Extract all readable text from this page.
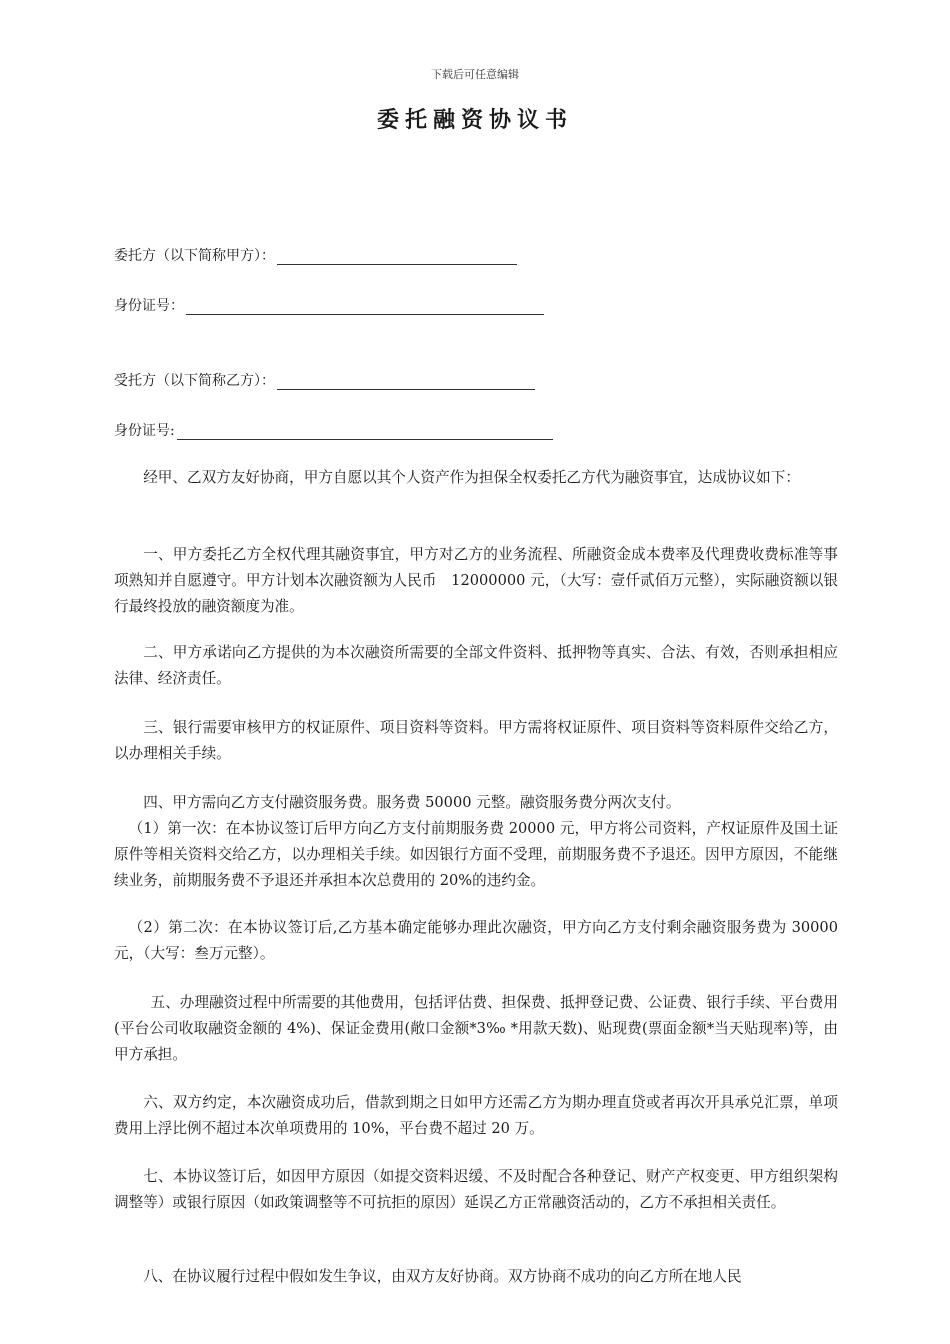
下载后可任意编辑
委托融资协议书
委托方（以下简称甲方）：
身份证号：
受托方（以下简称乙方）：
身份证号:
经甲、乙双方友好协商，甲方自愿以其个人资产作为担保全权委托乙方代为融资事宜，达成协议如下：
一、甲方委托乙方全权代理其融资事宜，甲方对乙方的业务流程、所融资金成本费率及代理费收费标准等事项熟知并自愿遵守。甲方计划本次融资额为人民币　12000000 元，（大写：壹仟贰佰万元整），实际融资额以银行最终投放的融资额度为准。
二、甲方承诺向乙方提供的为本次融资所需要的全部文件资料、抵押物等真实、合法、有效，否则承担相应法律、经济责任。
三、银行需要审核甲方的权证原件、项目资料等资料。甲方需将权证原件、项目资料等资料原件交给乙方，以办理相关手续。
四、甲方需向乙方支付融资服务费。服务费 50000 元整。融资服务费分两次支付。
（1）第一次：在本协议签订后甲方向乙方支付前期服务费 20000 元，甲方将公司资料，产权证原件及国土证原件等相关资料交给乙方，以办理相关手续。如因银行方面不受理，前期服务费不予退还。因甲方原因，不能继续业务，前期服务费不予退还并承担本次总费用的 20%的违约金。
（2）第二次：在本协议签订后,乙方基本确定能够办理此次融资，甲方向乙方支付剩余融资服务费为 30000 元，（大写：叁万元整）。
五、办理融资过程中所需要的其他费用，包括评估费、担保费、抵押登记费、公证费、银行手续、平台费用(平台公司收取融资金额的 4%)、保证金费用(敞口金额*3‰ *用款天数)、贴现费(票面金额*当天贴现率)等，由甲方承担。
六、双方约定，本次融资成功后，借款到期之日如甲方还需乙方为期办理直贷或者再次开具承兑汇票，单项费用上浮比例不超过本次单项费用的 10%，平台费不超过 20 万。
七、本协议签订后，如因甲方原因（如提交资料迟缓、不及时配合各种登记、财产产权变更、甲方组织架构调整等）或银行原因（如政策调整等不可抗拒的原因）延误乙方正常融资活动的，乙方不承担相关责任。
八、在协议履行过程中假如发生争议，由双方友好协商。双方协商不成功的向乙方所在地人民
